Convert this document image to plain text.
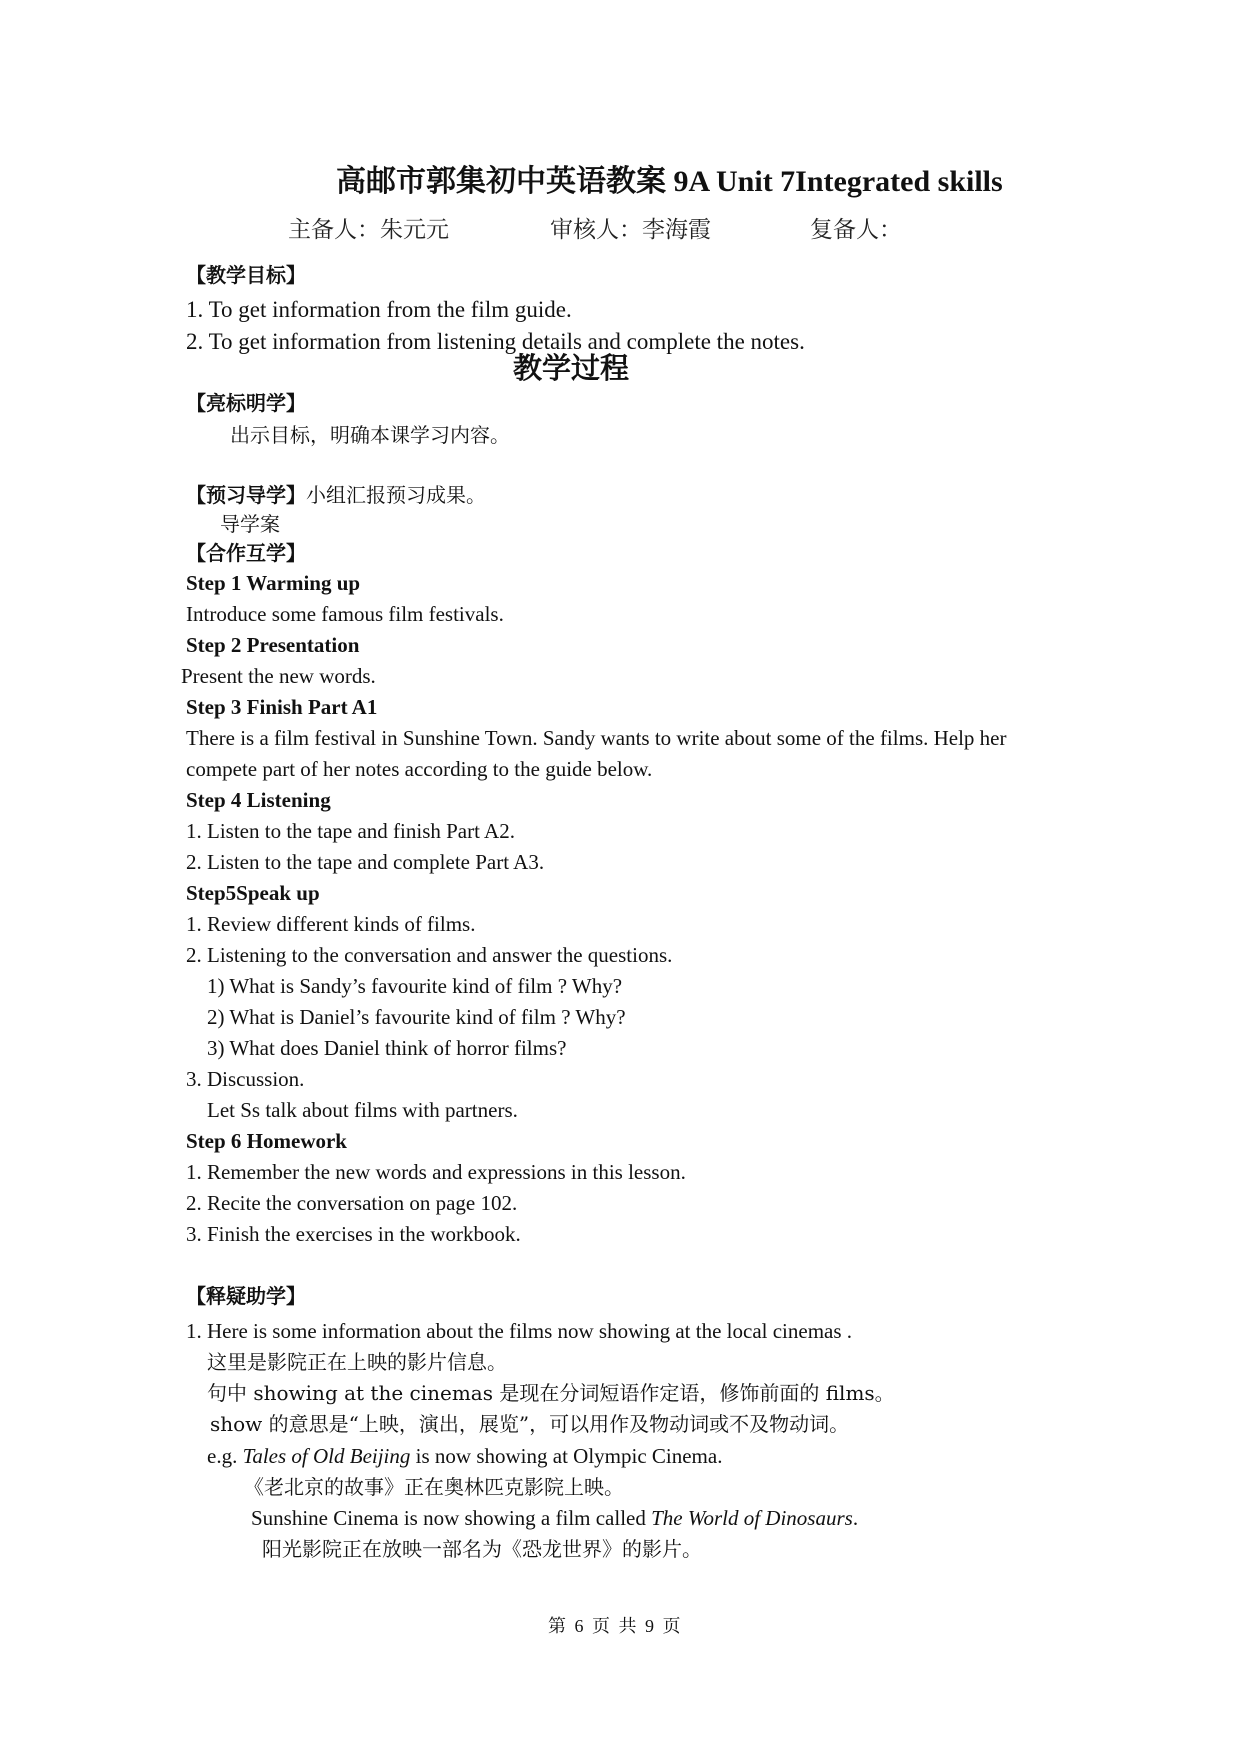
高邮市郭集初中英语教案 9A Unit 7Integrated skills
主备人：朱元元	审核人：李海霞	复备人：
【教学目标】
1. To get information from the film guide.
2. To get information from listening details and complete the notes.
教学过程
【亮标明学】
出示目标，明确本课学习内容。
【预习导学】小组汇报预习成果。
导学案
【合作互学】
Step 1 Warming up
Introduce some famous film festivals.
Step 2 Presentation
Present the new words.
Step 3 Finish Part A1
There is a film festival in Sunshine Town. Sandy wants to write about some of the films. Help her
compete part of her notes according to the guide below.
Step 4 Listening
1. Listen to the tape and finish Part A2.
2. Listen to the tape and complete Part A3.
Step5Speak up
1. Review different kinds of films.
2. Listening to the conversation and answer the questions.
1) What is Sandy’s favourite kind of film ? Why?
2) What is Daniel’s favourite kind of film ? Why?
3) What does Daniel think of horror films?
3. Discussion.
Let Ss talk about films with partners.
Step 6 Homework
1. Remember the new words and expressions in this lesson.
2. Recite the conversation on page 102.
3. Finish the exercises in the workbook.
【释疑助学】
1. Here is some information about the films now showing at the local cinemas .
这里是影院正在上映的影片信息。
句中 showing at the cinemas 是现在分词短语作定语，修饰前面的 films。
show 的意思是“上映，演出，展览”，可以用作及物动词或不及物动词。
e.g. Tales of Old Beijing is now showing at Olympic Cinema.
《老北京的故事》正在奥林匹克影院上映。
Sunshine Cinema is now showing a film called The World of Dinosaurs.
阳光影院正在放映一部名为《恐龙世界》的影片。
第 6 页 共 9 页
